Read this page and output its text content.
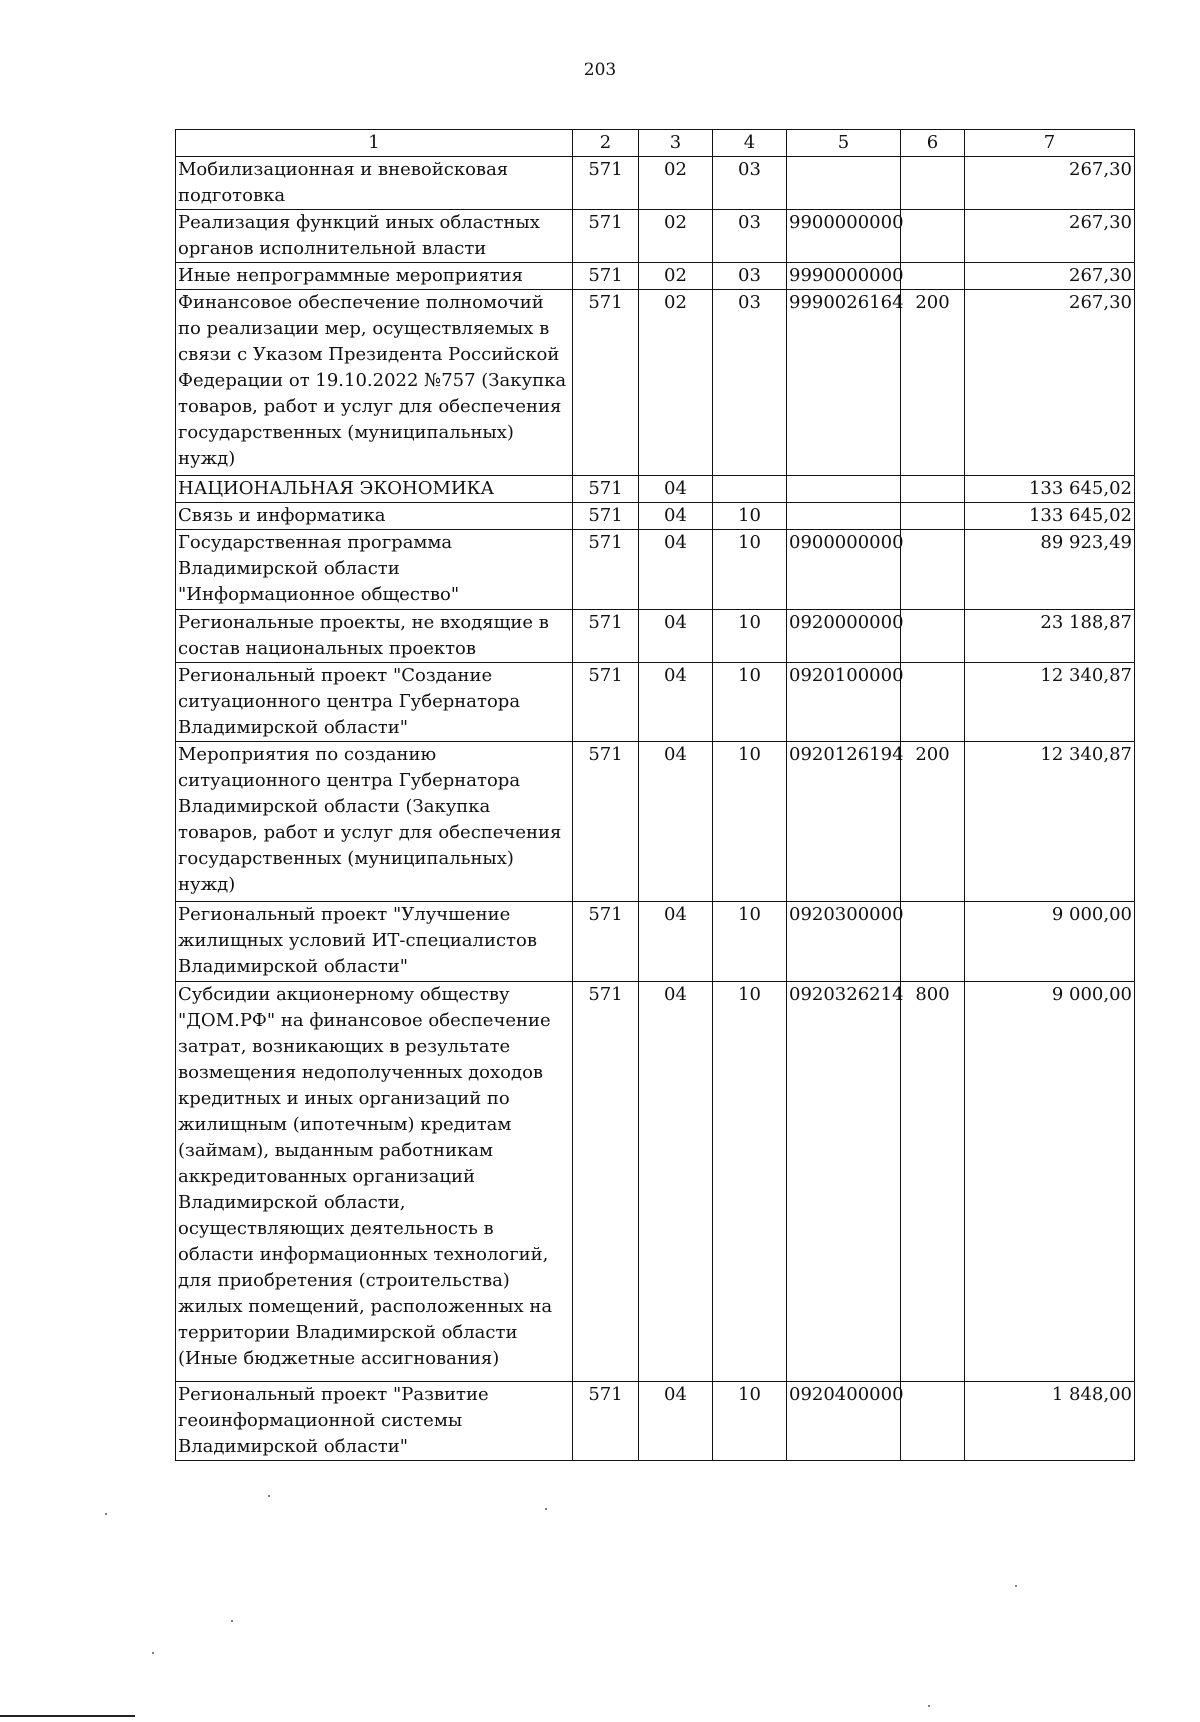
203
1	2	3	4	5	6	7
Мобилизационная и вневойсковая подготовка	571	02	03			267,30
Реализация функций иных областных органов исполнительной власти	571	02	03	9900000000		267,30
Иные непрограммные мероприятия	571	02	03	9990000000		267,30
Финансовое обеспечение полномочий по реализации мер, осуществляемых в связи с Указом Президента Российской Федерации от 19.10.2022 №757 (Закупка товаров, работ и услуг для обеспечения государственных (муниципальных) нужд)	571	02	03	9990026164	200	267,30
НАЦИОНАЛЬНАЯ ЭКОНОМИКА	571	04				133 645,02
Связь и информатика	571	04	10			133 645,02
Государственная программа Владимирской области "Информационное общество"	571	04	10	0900000000		89 923,49
Региональные проекты, не входящие в состав национальных проектов	571	04	10	0920000000		23 188,87
Региональный проект "Создание ситуационного центра Губернатора Владимирской области"	571	04	10	0920100000		12 340,87
Мероприятия по созданию ситуационного центра Губернатора Владимирской области (Закупка товаров, работ и услуг для обеспечения государственных (муниципальных) нужд)	571	04	10	0920126194	200	12 340,87
Региональный проект "Улучшение жилищных условий ИТ-специалистов Владимирской области"	571	04	10	0920300000		9 000,00
Субсидии акционерному обществу "ДОМ.РФ" на финансовое обеспечение затрат, возникающих в результате возмещения недополученных доходов кредитных и иных организаций по жилищным (ипотечным) кредитам (займам), выданным работникам аккредитованных организаций Владимирской области, осуществляющих деятельность в области информационных технологий, для приобретения (строительства) жилых помещений, расположенных на территории Владимирской области (Иные бюджетные ассигнования)	571	04	10	0920326214	800	9 000,00
Региональный проект "Развитие геоинформационной системы Владимирской области"	571	04	10	0920400000		1 848,00
